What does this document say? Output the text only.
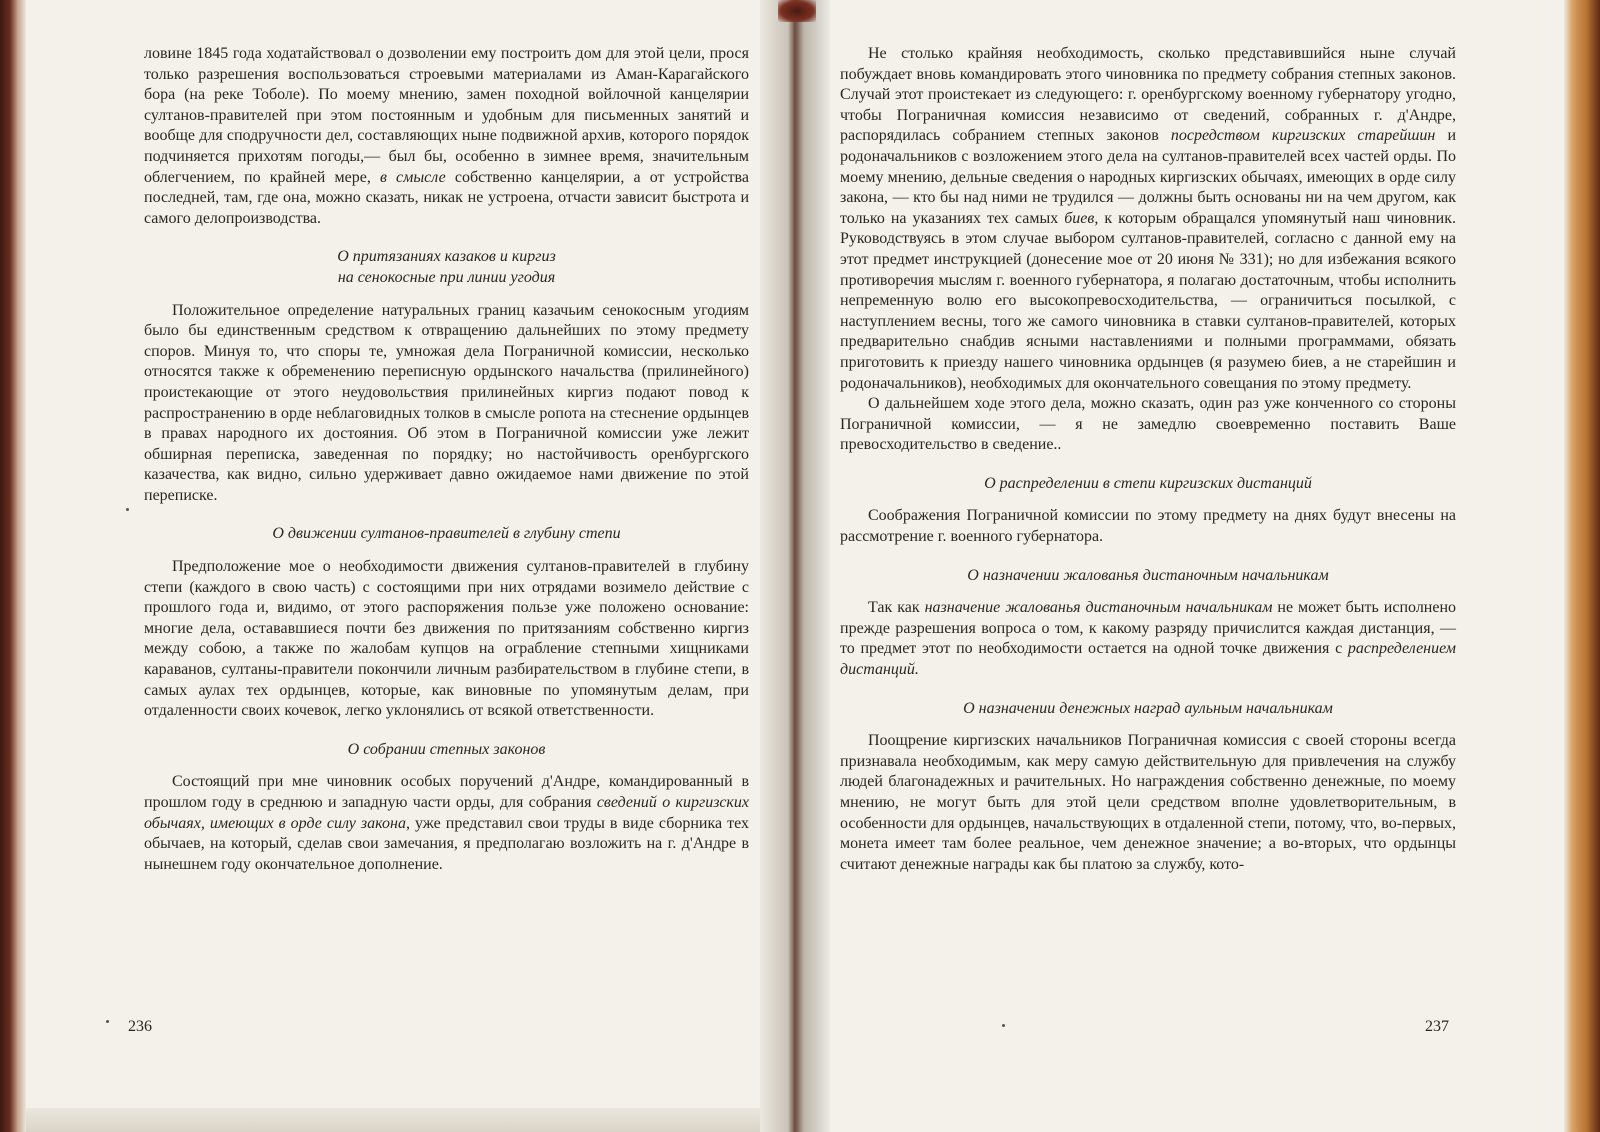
ловине 1845 года ходатайствовал о дозволении ему построить дом для этой цели, прося только разрешения воспользоваться строевыми материалами из Аман-Карагайского бора (на реке Тоболе). По моему мнению, замен походной войлочной канцелярии султанов-правителей при этом постоянным и удобным для письменных занятий и вообще для сподручности дел, составляющих ныне подвижной архив, которого порядок подчиняется прихотям погоды,— был бы, особенно в зимнее время, значительным облегчением, по крайней мере, в смысле собственно канцелярии, а от устройства последней, там, где она, можно сказать, никак не устроена, отчасти зависит быстрота и самого делопроизводства.

О притязаниях казаков и киргиз
на сенокосные при линии угодия

Положительное определение натуральных границ казачьим сенокосным угодиям было бы единственным средством к отвращению дальнейших по этому предмету споров. Минуя то, что споры те, умножая дела Пограничной комиссии, несколько относятся также к обременению переписную ордынского начальства (прилинейного) проистекающие от этого неудовольствия прилинейных киргиз подают повод к распространению в орде неблаговидных толков в смысле ропота на стеснение ордынцев в правах народного их достояния. Об этом в Пограничной комиссии уже лежит обширная переписка, заведенная по порядку; но настойчивость оренбургского казачества, как видно, сильно удерживает давно ожидаемое нами движение по этой переписке.

О движении султанов-правителей в глубину степи

Предположение мое о необходимости движения султанов-правителей в глубину степи (каждого в свою часть) с состоящими при них отрядами возимело действие с прошлого года и, видимо, от этого распоряжения пользе уже положено основание: многие дела, остававшиеся почти без движения по притязаниям собственно киргиз между собою, а также по жалобам купцов на ограбление степными хищниками караванов, султаны-правители покончили личным разбирательством в глубине степи, в самых аулах тех ордынцев, которые, как виновные по упомянутым делам, при отдаленности своих кочевок, легко уклонялись от всякой ответственности.

О собрании степных законов

Состоящий при мне чиновник особых поручений д'Андре, командированный в прошлом году в среднюю и западную части орды, для собрания сведений о киргизских обычаях, имеющих в орде силу закона, уже представил свои труды в виде сборника тех обычаев, на который, сделав свои замечания, я предполагаю возложить на г. д'Андре в нынешнем году окончательное дополнение.

236

Не столько крайняя необходимость, сколько представившийся ныне случай побуждает вновь командировать этого чиновника по предмету собрания степных законов. Случай этот проистекает из следующего: г. оренбургскому военному губернатору угодно, чтобы Пограничная комиссия независимо от сведений, собранных г. д'Андре, распорядилась собранием степных законов посредством киргизских старейшин и родоначальников с возложением этого дела на султанов-правителей всех частей орды. По моему мнению, дельные сведения о народных киргизских обычаях, имеющих в орде силу закона, — кто бы над ними не трудился — должны быть основаны ни на чем другом, как только на указаниях тех самых биев, к которым обращался упомянутый наш чиновник. Руководствуясь в этом случае выбором султанов-правителей, согласно с данной ему на этот предмет инструкцией (донесение мое от 20 июня № 331); но для избежания всякого противоречия мыслям г. военного губернатора, я полагаю достаточным, чтобы исполнить непременную волю его высокопревосходительства, — ограничиться посылкой, с наступлением весны, того же самого чиновника в ставки султанов-правителей, которых предварительно снабдив ясными наставлениями и полными программами, обязать приготовить к приезду нашего чиновника ордынцев (я разумею биев, а не старейшин и родоначальников), необходимых для окончательного совещания по этому предмету.

О дальнейшем ходе этого дела, можно сказать, один раз уже конченного со стороны Пограничной комиссии, — я не замедлю своевременно поставить Ваше превосходительство в сведение..

О распределении в степи киргизских дистанций

Соображения Пограничной комиссии по этому предмету на днях будут внесены на рассмотрение г. военного губернатора.

О назначении жалованья дистаночным начальникам

Так как назначение жалованья дистаночным начальникам не может быть исполнено прежде разрешения вопроса о том, к какому разряду причислится каждая дистанция, — то предмет этот по необходимости остается на одной точке движения с распределением дистанций.

О назначении денежных наград аульным начальникам

Поощрение киргизских начальников Пограничная комиссия с своей стороны всегда признавала необходимым, как меру самую действительную для привлечения на службу людей благонадежных и рачительных. Но награждения собственно денежные, по моему мнению, не могут быть для этой цели средством вполне удовлетворительным, в особенности для ордынцев, начальствующих в отдаленной степи, потому, что, во-первых, монета имеет там более реальное, чем денежное значение; а во-вторых, что ордынцы считают денежные награды как бы платою за службу, кото-

237
